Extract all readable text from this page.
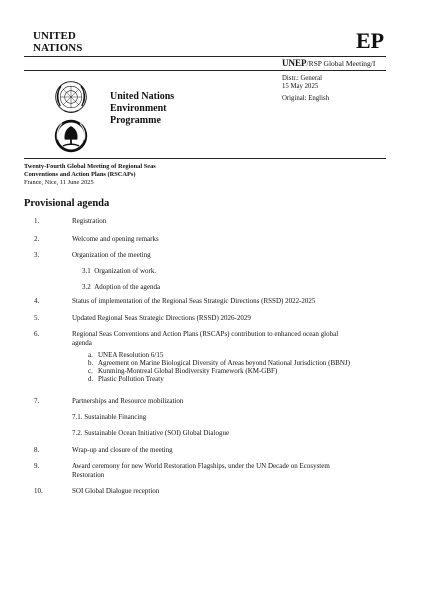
UNITED
NATIONS	EP
UNEP/RSP Global Meeting/I
Distr.: General
15 May 2025
Original: English
United Nations
Environment
Programme
Twenty-Fourth Global Meeting of Regional Seas
Conventions and Action Plans (RSCAPs)
France, Nice, 11 June 2025
Provisional agenda
1.	Registration
2.	Welcome and opening remarks
3.	Organization of the meeting
3.1 Organization of work.
3.2 Adoption of the agenda
4.	Status of implementation of the Regional Seas Strategic Directions (RSSD) 2022-2025
5.	Updated Regional Seas Strategic Directions (RSSD) 2026-2029
6.	Regional Seas Conventions and Action Plans (RSCAPs) contribution to enhanced ocean global
agenda
a. UNEA Resolution 6/15
b. Agreement on Marine Biological Diversity of Areas beyond National Jurisdiction (BBNJ)
c. Kunming-Montreal Global Biodiversity Framework (KM-GBF)
d. Plastic Pollution Treaty
7.	Partnerships and Resource mobilization
7.1. Sustainable Financing
7.2. Sustainable Ocean Initiative (SOI) Global Dialogue
8.	Wrap-up and closure of the meeting
9.	Award ceremony for new World Restoration Flagships, under the UN Decade on Ecosystem
Restoration
10.	SOI Global Dialogue reception
